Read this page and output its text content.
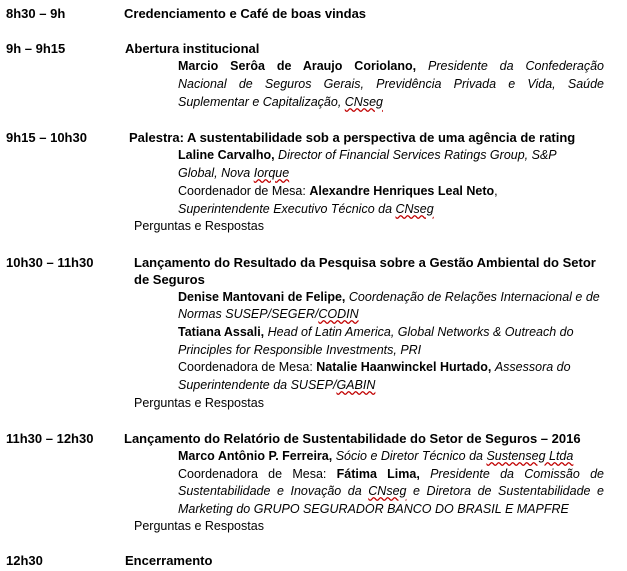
8h30 – 9h	Credenciamento e Café de boas vindas
9h – 9h15	Abertura institucional
Marcio Serôa de Araujo Coriolano, Presidente da Confederação
Nacional de Seguros Gerais, Previdência Privada e Vida, Saúde
Suplementar e Capitalização, CNseg
9h15 – 10h30	Palestra: A sustentabilidade sob a perspectiva de uma agência de rating
Laline Carvalho, Director of Financial Services Ratings Group, S&P
Global, Nova Iorque
Coordenador de Mesa: Alexandre Henriques Leal Neto,
Superintendente Executivo Técnico da CNseg
Perguntas e Respostas
10h30 – 11h30	Lançamento do Resultado da Pesquisa sobre a Gestão Ambiental do Setor
de Seguros
Denise Mantovani de Felipe, Coordenação de Relações Internacional e de
Normas SUSEP/SEGER/CODIN
Tatiana Assali, Head of Latin America, Global Networks & Outreach do
Principles for Responsible Investments, PRI
Coordenadora de Mesa: Natalie Haanwinckel Hurtado, Assessora do
Superintendente da SUSEP/GABIN
Perguntas e Respostas
11h30 – 12h30 Lançamento do Relatório de Sustentabilidade do Setor de Seguros – 2016
Marco Antônio P. Ferreira, Sócio e Diretor Técnico da Sustenseg Ltda
Coordenadora de Mesa: Fátima Lima, Presidente da Comissão de
Sustentabilidade e Inovação da CNseg e Diretora de Sustentabilidade e
Marketing do GRUPO SEGURADOR BANCO DO BRASIL E MAPFRE
Perguntas e Respostas
12h30	Encerramento
